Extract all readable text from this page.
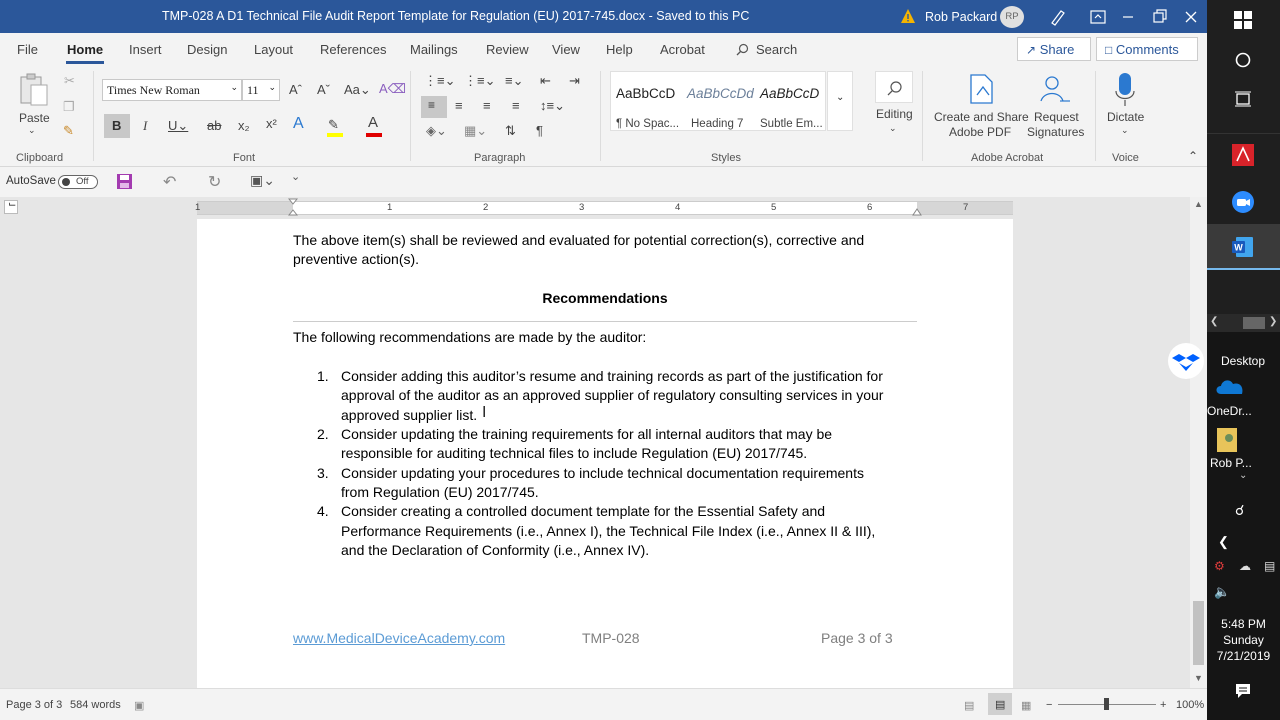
TMP-028 A D1 Technical File Audit Report Template for Regulation (EU) 2017-745.docx - Saved to this PC	Rob Packard RP
File Home Insert Design Layout References Mailings Review View Help Acrobat	Search	↗ Share	□ Comments
Paste
⌄
✂
❐
✎
Clipboard
Times New Roman	⌄ 11 ⌄ Aˆ Aˇ Aa⌄ A⌫
B I U⌄ ab x₂ x² A ✎ A
Font
⋮≡⌄ ⋮≡⌄ ≡⌄ ⇤ ⇥
≡ ≡ ≡ ≡ ↕≡⌄
◈⌄ ▦⌄ ⇅ ¶
Paragraph
AaBbCcD
¶ No Spac...
AaBbCcDd
Heading 7
AaBbCcD
Subtle Em...
⌄
Styles
Editing
⌄
Create and Share
Adobe PDF
Request
Signatures
Adobe Acrobat
Dictate
⌄
Voice	⌃
AutoSave Off	↶ ↻ ▣⌄ ⌄
⌙	1	1	2	3	4	5	6	7

The above item(s) shall be reviewed and evaluated for potential correction(s), corrective and

preventive action(s).

Recommendations

The following recommendations are made by the auditor:

1. Consider adding this auditor’s resume and training records as part of the justification for

approval of the auditor as an approved supplier of regulatory consulting services in your

approved supplier list.

2. Consider updating the training requirements for all internal auditors that may be

responsible for auditing technical files to include Regulation (EU) 2017/745.

3. Consider updating your procedures to include technical documentation requirements

from Regulation (EU) 2017/745.

4. Consider creating a controlled document template for the Essential Safety and

Performance Requirements (i.e., Annex I), the Technical File Index (i.e., Annex II & III),

and the Declaration of Conformity (i.e., Annex IV).

I
www.MedicalDeviceAcademy.com	TMP-028	Page 3 of 3
▲
▼
Page 3 of 3 584 words ▣	▤ ▤ ▦ −	+ 100%
W
❮	❯
Desktop
OneDr...
Rob P...
⌄
☌
❮
⚙ ☁ ▤
🔈
5:48 PM
Sunday
7/21/2019
